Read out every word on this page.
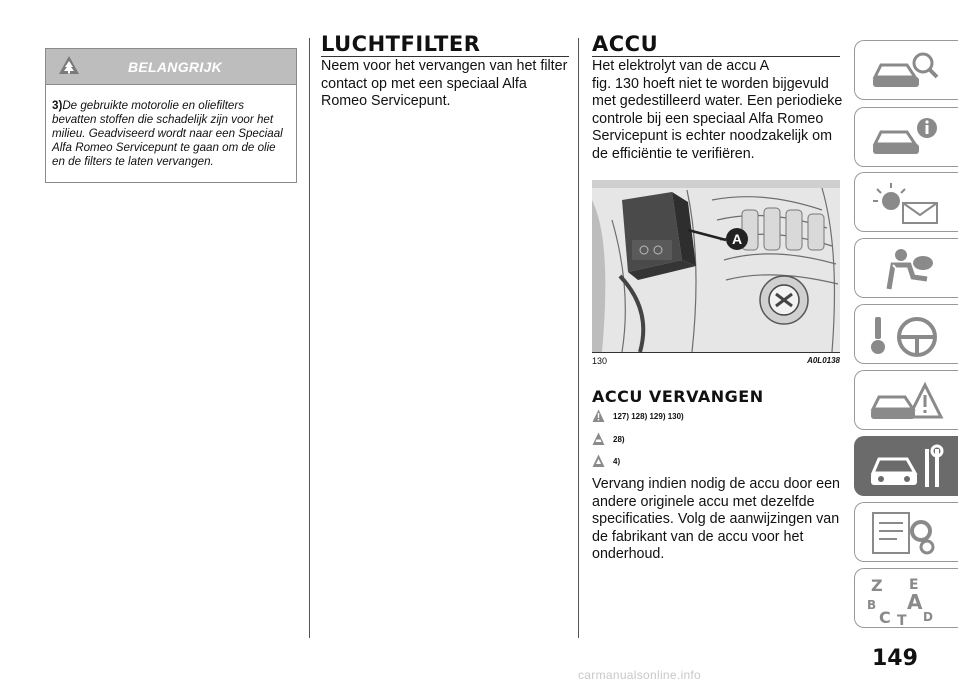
BELANGRIJK
3)De gebruikte motorolie en oliefilters bevatten stoffen die schadelijk zijn voor het milieu. Geadviseerd wordt naar een Speciaal Alfa Romeo Servicepunt te gaan om de olie en de filters te laten vervangen.
LUCHTFILTER
Neem voor het vervangen van het filter
contact op met een speciaal Alfa
Romeo Servicepunt.
ACCU
Het elektrolyt van de accu A
fig. 130 hoeft niet te worden bijgevuld
met gedestilleerd water. Een periodieke
controle bij een speciaal Alfa Romeo
Servicepunt is echter noodzakelijk om
de efficiëntie te verifiëren.
A
130	A0L0138
ACCU VERVANGEN
127) 128) 129) 130)
28)
4)
Vervang indien nodig de accu door een
andere originele accu met dezelfde
specificaties. Volg de aanwijzingen van
de fabrikant van de accu voor het
onderhoud.
Z E
B A
C T D
149
carmanualsonline.info
